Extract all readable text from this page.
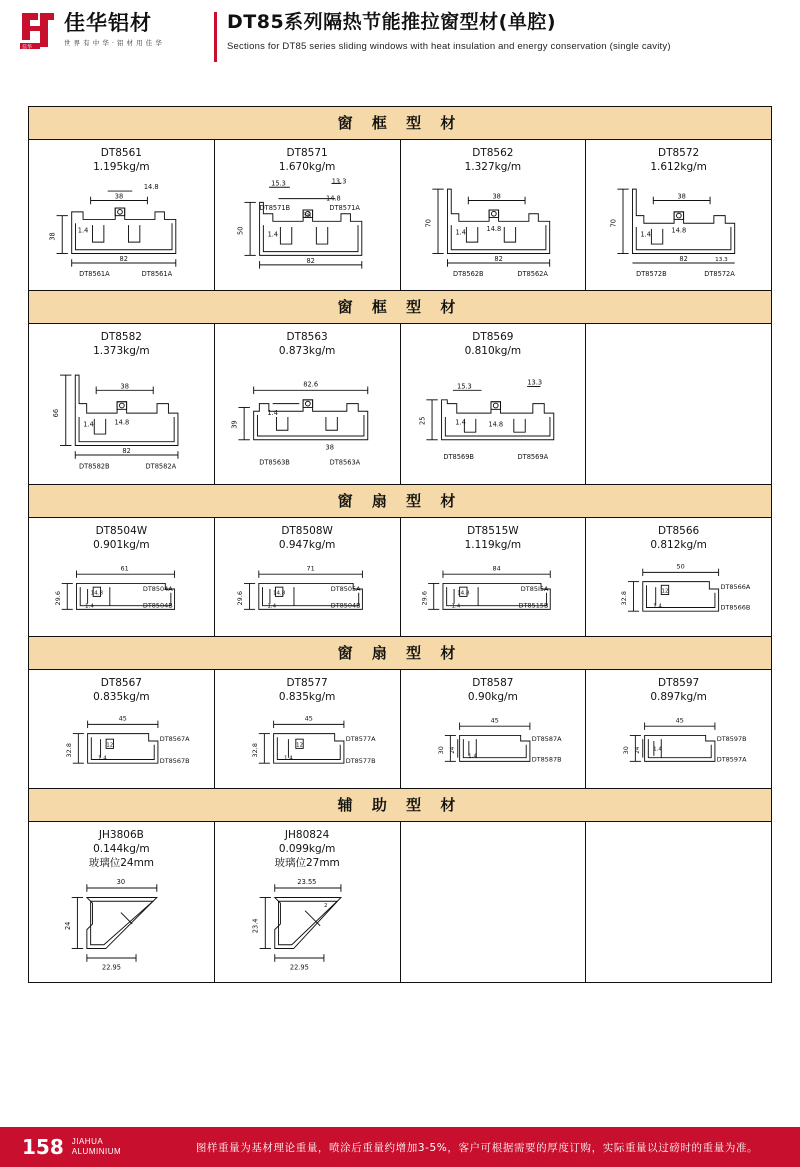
佳华
佳华铝材
世 界 有 中 华 · 铝 材 用 佳 华
DT85系列隔热节能推拉窗型材(单腔)
Sections for DT85 series sliding windows with heat insulation and energy conservation (single cavity)
窗 框 型 材
DT8561
1.195kg/m
14.8
38
1.4
82
38
DT8561A	DT8561A
DT8571
1.670kg/m
15.3	13.3
14.8
50	1.4
38
82
DT8571B	DT8571A
DT8562
1.327kg/m
38
70
1.4	14.8
82
DT8562B	DT8562A
DT8572
1.612kg/m
38
70
1.4	14.8
82	13.3
DT8572B	DT8572A
窗 框 型 材
DT8582
1.373kg/m
38
66
1.4	14.8
82
DT8582B	DT8582A
DT8563
0.873kg/m
82.6
1.4
39
38
DT8563B	DT8563A
DT8569
0.810kg/m
15.3	13.3
25	1.4	14.8
DT8569B	DT8569A
窗 扇 型 材
DT8504W
0.901kg/m
61
29.6	14.8
1.4
DT8504A
DT8504B
DT8508W
0.947kg/m
71
29.6	14.8
1.4
DT8505A
DT8504B
DT8515W
1.119kg/m
84
29.6	14.8
1.4
DT85I5A
DT8515B
DT8566
0.812kg/m
50
32.8	12
1.4
DT8566A
DT8566B
窗 扇 型 材
DT8567
0.835kg/m
45
32.8	12
1.4
DT8567A
DT8567B
DT8577
0.835kg/m
45
32.8	12
1.4
DT8577A
DT8577B
DT8587
0.90kg/m
45
30 24
1.4
DT8587A
DT8587B
DT8597
0.897kg/m
45
30 24 1.4
DT8597B
DT8597A
辅 助 型 材
JH3806B
0.144kg/m
玻璃位24mm
30
24
22.95
JH80824
0.099kg/m
玻璃位27mm
23.55
2
23.4
22.95
158 JIAHUA
ALUMINIUM	图样重量为基材理论重量，喷涂后重量约增加3-5%，客户可根据需要的厚度订购，实际重量以过磅时的重量为准。
